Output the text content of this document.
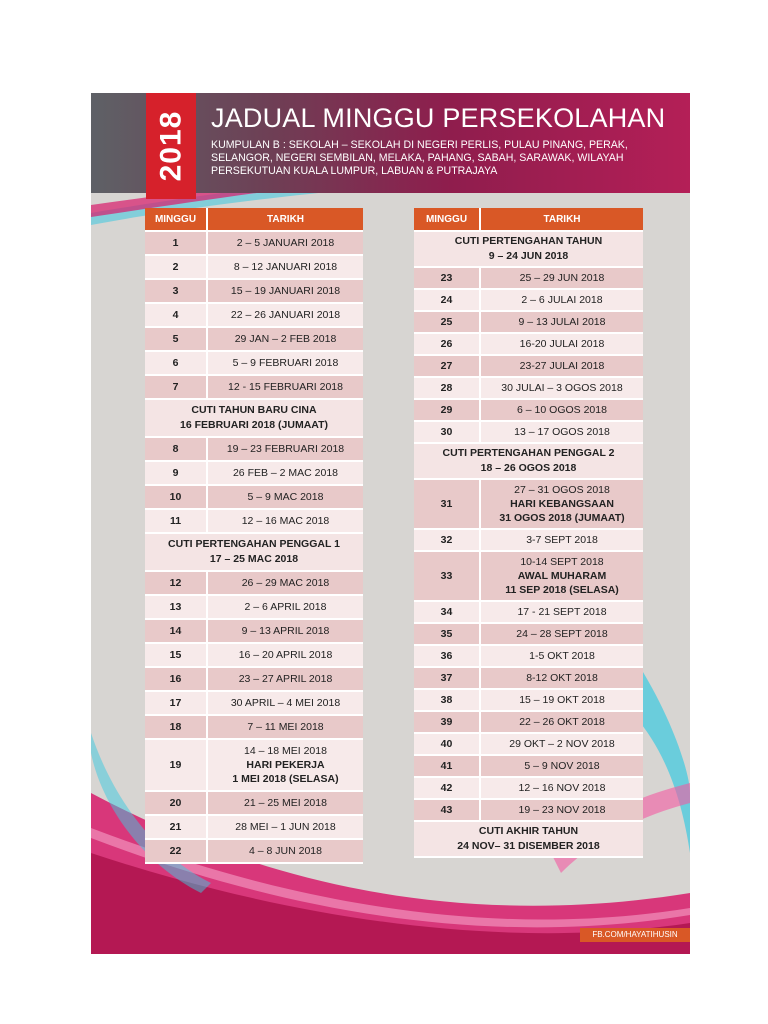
2018 JADUAL MINGGU PERSEKOLAHAN
KUMPULAN B : SEKOLAH – SEKOLAH DI NEGERI PERLIS, PULAU PINANG, PERAK, SELANGOR, NEGERI SEMBILAN, MELAKA, PAHANG, SABAH, SARAWAK, WILAYAH PERSEKUTUAN KUALA LUMPUR, LABUAN & PUTRAJAYA
MINGGU	TARIKH
1	2 – 5 JANUARI 2018
2	8 – 12 JANUARI 2018
3	15 – 19 JANUARI 2018
4	22 – 26 JANUARI 2018
5	29 JAN – 2 FEB 2018
6	5 – 9 FEBRUARI 2018
7	12 - 15 FEBRUARI 2018

CUTI TAHUN BARU CINA
16 FEBRUARI 2018 (JUMAAT)	

8	19 – 23 FEBRUARI 2018
9	26 FEB – 2 MAC 2018
10	5 – 9 MAC 2018
11	12 – 16 MAC 2018

CUTI PERTENGAHAN PENGGAL 1
17 – 25 MAC 2018	

12	26 – 29 MAC 2018
13	2 – 6 APRIL 2018
14	9 – 13 APRIL 2018
15	16 – 20 APRIL 2018
16	23 – 27 APRIL 2018
17	30 APRIL – 4 MEI 2018
18	7 – 11 MEI 2018
19	14 – 18 MEI 2018
HARI PEKERJA
1 MEI 2018 (SELASA)

20	21 – 25 MEI 2018
21	28 MEI – 1 JUN 2018
22	4 – 8 JUN 2018
MINGGU	TARIKH

CUTI PERTENGAHAN TAHUN
9 – 24 JUN 2018	

23	25 – 29 JUN 2018
24	2 – 6 JULAI 2018
25	9 – 13 JULAI 2018
26	16-20 JULAI 2018
27	23-27 JULAI 2018
28	30 JULAI – 3 OGOS 2018
29	6 – 10 OGOS 2018
30	13 – 17 OGOS 2018

CUTI PERTENGAHAN PENGGAL 2
18 – 26 OGOS 2018	

31	27 – 31 OGOS 2018
HARI KEBANGSAAN
31 OGOS 2018 (JUMAAT)

32	3-7 SEPT 2018
33	10-14 SEPT 2018
AWAL MUHARAM
11 SEP 2018 (SELASA)

34	17 - 21 SEPT 2018
35	24 – 28 SEPT 2018
36	1-5 OKT 2018
37	8-12 OKT 2018
38	15 – 19 OKT 2018
39	22 – 26 OKT 2018
40	29 OKT – 2 NOV 2018
41	5 – 9 NOV 2018
42	12 – 16 NOV 2018
43	19 – 23 NOV 2018

CUTI AKHIR TAHUN
24 NOV– 31 DISEMBER 2018	
FB.COM/HAYATIHUSIN
